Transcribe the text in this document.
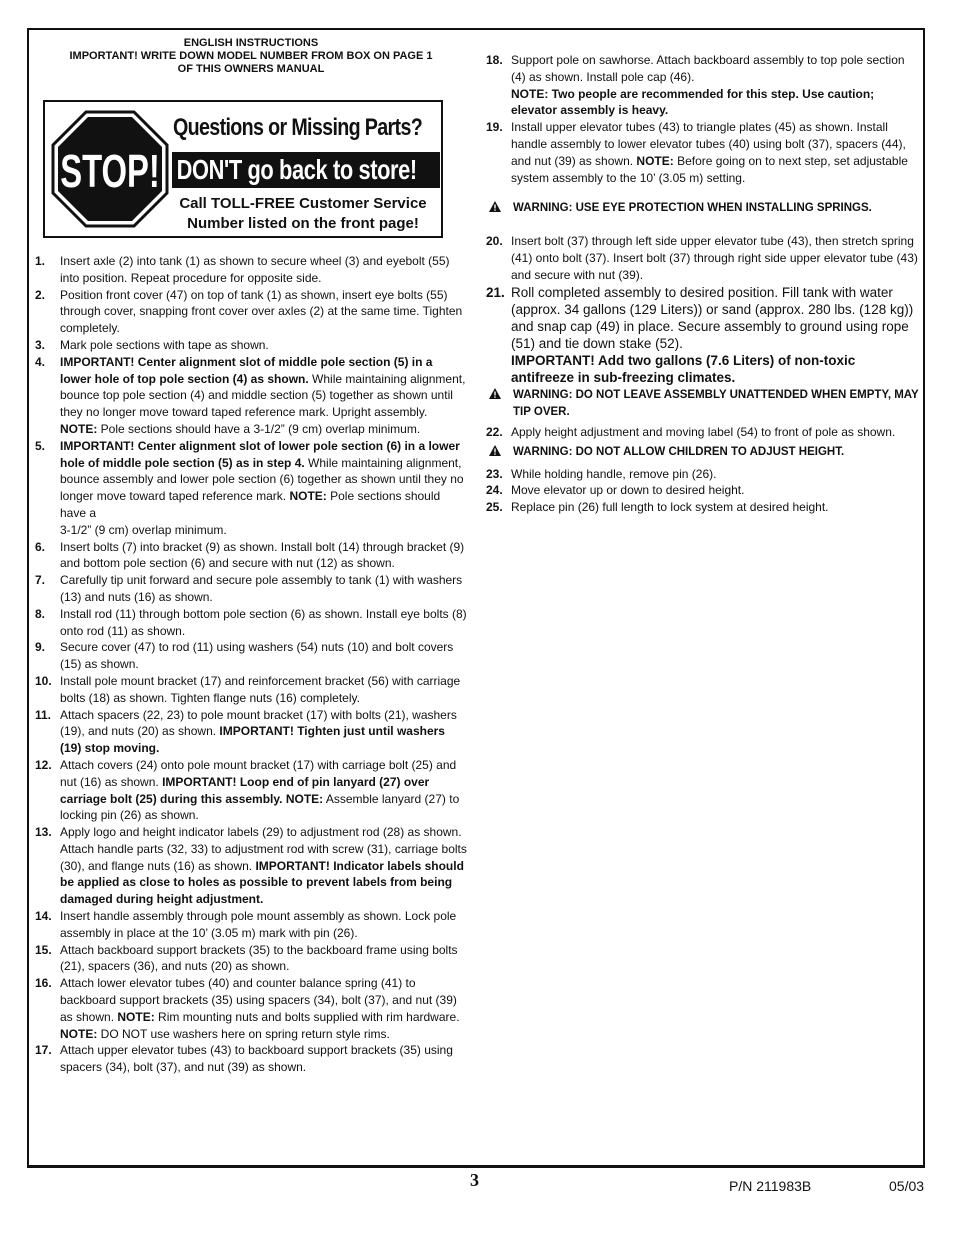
ENGLISH INSTRUCTIONS
IMPORTANT! WRITE DOWN MODEL NUMBER FROM BOX ON PAGE 1
OF THIS OWNERS MANUAL
STOP!
Questions or Missing Parts?
DON'T go back to store!
Call TOLL-FREE Customer Service
Number listed on the front page!
1.	Insert axle (2) into tank (1) as shown to secure wheel (3) and eyebolt (55) into position. Repeat procedure for opposite side.
2.	Position front cover (47) on top of tank (1) as shown, insert eye bolts (55) through cover, snapping front cover over axles (2) at the same time. Tighten completely.
3.	Mark pole sections with tape as shown.
4.	IMPORTANT! Center alignment slot of middle pole section (5) in a lower hole of top pole section (4) as shown. While maintaining alignment, bounce top pole section (4) and middle section (5) together as shown until they no longer move toward taped reference mark. Upright assembly. NOTE: Pole sections should have a 3-1/2” (9 cm) overlap minimum.
5.	IMPORTANT! Center alignment slot of lower pole section (6) in a lower hole of middle pole section (5) as in step 4. While maintaining alignment, bounce assembly and lower pole section (6) together as shown until they no longer move toward taped reference mark. NOTE: Pole sections should have a
3-1/2” (9 cm) overlap minimum.
6.	Insert bolts (7) into bracket (9) as shown. Install bolt (14) through bracket (9) and bottom pole section (6) and secure with nut (12) as shown.
7.	Carefully tip unit forward and secure pole assembly to tank (1) with washers (13) and nuts (16) as shown.
8.	Install rod (11) through bottom pole section (6) as shown. Install eye bolts (8) onto rod (11) as shown.
9.	Secure cover (47) to rod (11) using washers (54) nuts (10) and bolt covers (15) as shown.
10. Install pole mount bracket (17) and reinforcement bracket (56) with carriage bolts (18) as shown. Tighten flange nuts (16) completely.
11. Attach spacers (22, 23) to pole mount bracket (17) with bolts (21), washers (19), and nuts (20) as shown. IMPORTANT! Tighten just until washers (19) stop moving.
12. Attach covers (24) onto pole mount bracket (17) with carriage bolt (25) and nut (16) as shown. IMPORTANT! Loop end of pin lanyard (27) over carriage bolt (25) during this assembly. NOTE: Assemble lanyard (27) to locking pin (26) as shown.
13. Apply logo and height indicator labels (29) to adjustment rod (28) as shown. Attach handle parts (32, 33) to adjustment rod with screw (31), carriage bolts (30), and flange nuts (16) as shown. IMPORTANT! Indicator labels should be applied as close to holes as possible to prevent labels from being damaged during height adjustment.
14. Insert handle assembly through pole mount assembly as shown. Lock pole assembly in place at the 10’ (3.05 m) mark with pin (26).
15. Attach backboard support brackets (35) to the backboard frame using bolts (21), spacers (36), and nuts (20) as shown.
16. Attach lower elevator tubes (40) and counter balance spring (41) to backboard support brackets (35) using spacers (34), bolt (37), and nut (39) as shown. NOTE: Rim mounting nuts and bolts supplied with rim hardware. NOTE: DO NOT use washers here on spring return style rims.
17. Attach upper elevator tubes (43) to backboard support brackets (35) using spacers (34), bolt (37), and nut (39) as shown.
18. Support pole on sawhorse. Attach backboard assembly to top pole section (4) as shown. Install pole cap (46).
NOTE: Two people are recommended for this step. Use caution; elevator assembly is heavy.
19. Install upper elevator tubes (43) to triangle plates (45) as shown. Install handle assembly to lower elevator tubes (40) using bolt (37), spacers (44), and nut (39) as shown. NOTE: Before going on to next step, set adjustable system assembly to the 10’ (3.05 m) setting.
WARNING: USE EYE PROTECTION WHEN INSTALLING SPRINGS.
20. Insert bolt (37) through left side upper elevator tube (43), then stretch spring (41) onto bolt (37). Insert bolt (37) through right side upper elevator tube (43) and secure with nut (39).
21. Roll completed assembly to desired position. Fill tank with water (approx. 34 gallons (129 Liters)) or sand (approx. 280 lbs. (128 kg)) and snap cap (49) in place. Secure assembly to ground using rope (51) and tie down stake (52).
IMPORTANT! Add two gallons (7.6 Liters) of non-toxic antifreeze in sub-freezing climates.
WARNING: DO NOT LEAVE ASSEMBLY UNATTENDED WHEN EMPTY, MAY TIP OVER.
22. Apply height adjustment and moving label (54) to front of pole as shown.
WARNING: DO NOT ALLOW CHILDREN TO ADJUST HEIGHT.
23. While holding handle, remove pin (26).
24. Move elevator up or down to desired height.
25. Replace pin (26) full length to lock system at desired height.
3	P/N 211983B	05/03
